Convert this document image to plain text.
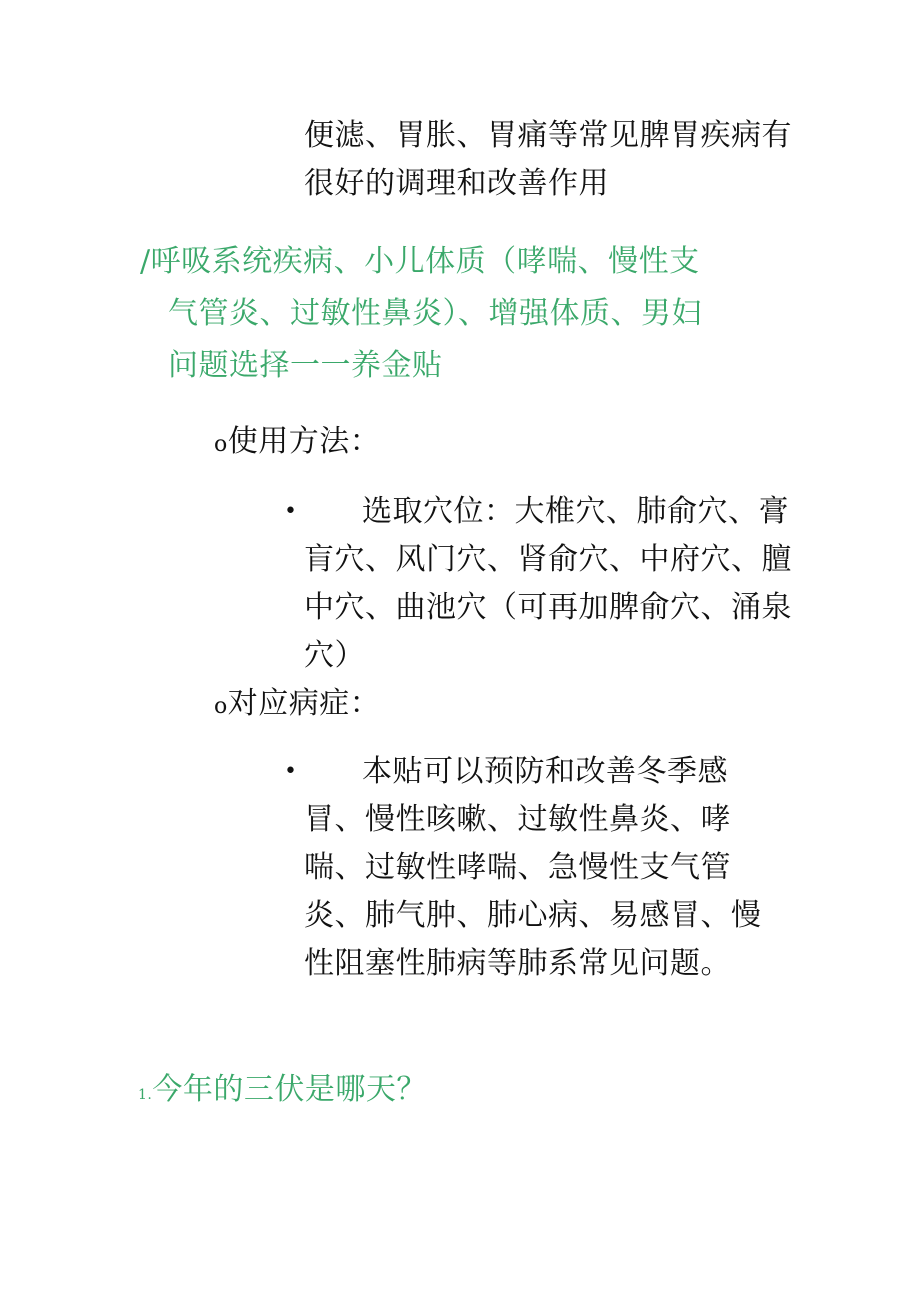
便滤、胃胀、胃痛等常见脾胃疾病有
很好的调理和改善作用
/呼吸系统疾病、小儿体质（哮喘、慢性支
气管炎、过敏性鼻炎）、增强体质、男妇
问题选择一一养金贴
o使用方法：
• 选取穴位：大椎穴、肺俞穴、膏
肓穴、风门穴、肾俞穴、中府穴、膻
中穴、曲池穴（可再加脾俞穴、涌泉
穴）
o对应病症：
• 本贴可以预防和改善冬季感
冒、慢性咳嗽、过敏性鼻炎、哮
喘、过敏性哮喘、急慢性支气管
炎、肺气肿、肺心病、易感冒、慢
性阻塞性肺病等肺系常见问题。
1.今年的三伏是哪天？
